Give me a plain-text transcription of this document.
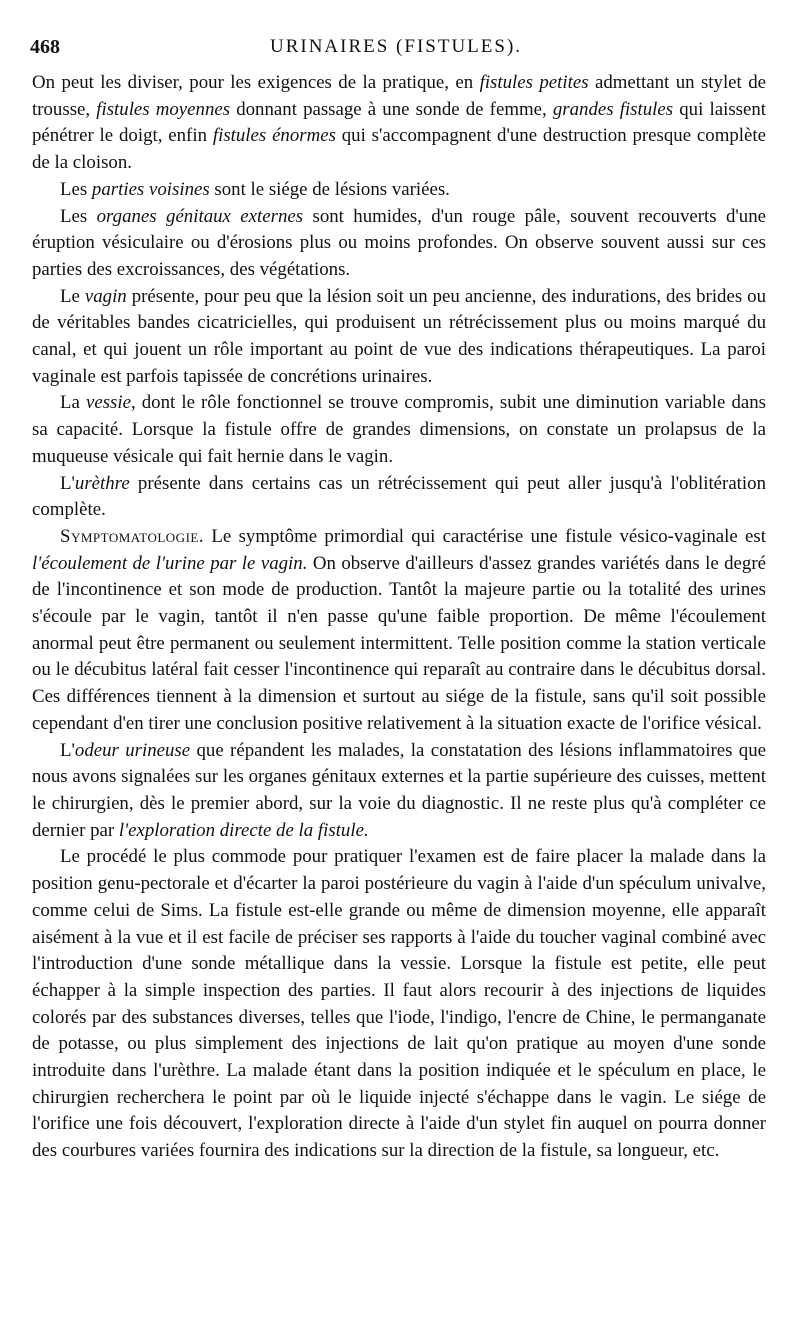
468	URINAIRES (FISTULES).

On peut les diviser, pour les exigences de la pratique, en fistules petites admettant un stylet de trousse, fistules moyennes donnant passage à une sonde de femme, grandes fistules qui laissent pénétrer le doigt, enfin fistules énormes qui s'accompagnent d'une destruction presque complète de la cloison.

Les parties voisines sont le siége de lésions variées.

Les organes génitaux externes sont humides, d'un rouge pâle, souvent recouverts d'une éruption vésiculaire ou d'érosions plus ou moins profondes. On observe souvent aussi sur ces parties des excroissances, des végétations.

Le vagin présente, pour peu que la lésion soit un peu ancienne, des indurations, des brides ou de véritables bandes cicatricielles, qui produisent un rétrécissement plus ou moins marqué du canal, et qui jouent un rôle important au point de vue des indications thérapeutiques. La paroi vaginale est parfois tapissée de concrétions urinaires.

La vessie, dont le rôle fonctionnel se trouve compromis, subit une diminution variable dans sa capacité. Lorsque la fistule offre de grandes dimensions, on constate un prolapsus de la muqueuse vésicale qui fait hernie dans le vagin.

L'urèthre présente dans certains cas un rétrécissement qui peut aller jusqu'à l'oblitération complète.

Symptomatologie. Le symptôme primordial qui caractérise une fistule vésico-vaginale est l'écoulement de l'urine par le vagin. On observe d'ailleurs d'assez grandes variétés dans le degré de l'incontinence et son mode de production. Tantôt la majeure partie ou la totalité des urines s'écoule par le vagin, tantôt il n'en passe qu'une faible proportion. De même l'écoulement anormal peut être permanent ou seulement intermittent. Telle position comme la station verticale ou le décubitus latéral fait cesser l'incontinence qui reparaît au contraire dans le décubitus dorsal. Ces différences tiennent à la dimension et surtout au siége de la fistule, sans qu'il soit possible cependant d'en tirer une conclusion positive relativement à la situation exacte de l'orifice vésical.

L'odeur urineuse que répandent les malades, la constatation des lésions inflammatoires que nous avons signalées sur les organes génitaux externes et la partie supérieure des cuisses, mettent le chirurgien, dès le premier abord, sur la voie du diagnostic. Il ne reste plus qu'à compléter ce dernier par l'exploration directe de la fistule.

Le procédé le plus commode pour pratiquer l'examen est de faire placer la malade dans la position genu-pectorale et d'écarter la paroi postérieure du vagin à l'aide d'un spéculum univalve, comme celui de Sims. La fistule est-elle grande ou même de dimension moyenne, elle apparaît aisément à la vue et il est facile de préciser ses rapports à l'aide du toucher vaginal combiné avec l'introduction d'une sonde métallique dans la vessie. Lorsque la fistule est petite, elle peut échapper à la simple inspection des parties. Il faut alors recourir à des injections de liquides colorés par des substances diverses, telles que l'iode, l'indigo, l'encre de Chine, le permanganate de potasse, ou plus simplement des injections de lait qu'on pratique au moyen d'une sonde introduite dans l'urèthre. La malade étant dans la position indiquée et le spéculum en place, le chirurgien recherchera le point par où le liquide injecté s'échappe dans le vagin. Le siége de l'orifice une fois découvert, l'exploration directe à l'aide d'un stylet fin auquel on pourra donner des courbures variées fournira des indications sur la direction de la fistule, sa longueur, etc.
